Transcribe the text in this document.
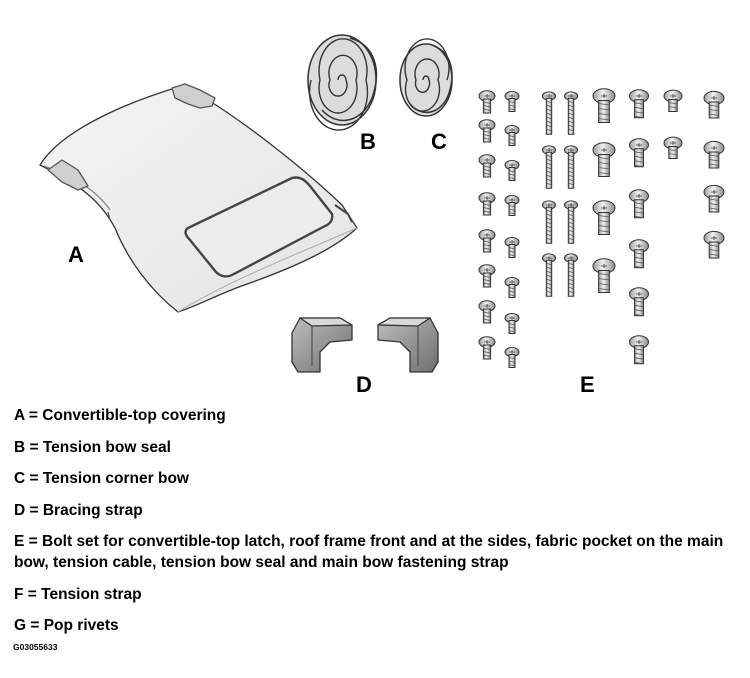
A
B	C
D	E
A = Convertible-top covering
B = Tension bow seal
C = Tension corner bow
D = Bracing strap
E = Bolt set for convertible-top latch, roof frame front and at the sides, fabric pocket on the main bow, tension cable, tension bow seal and main bow fastening strap
F = Tension strap
G = Pop rivets
G03055633
